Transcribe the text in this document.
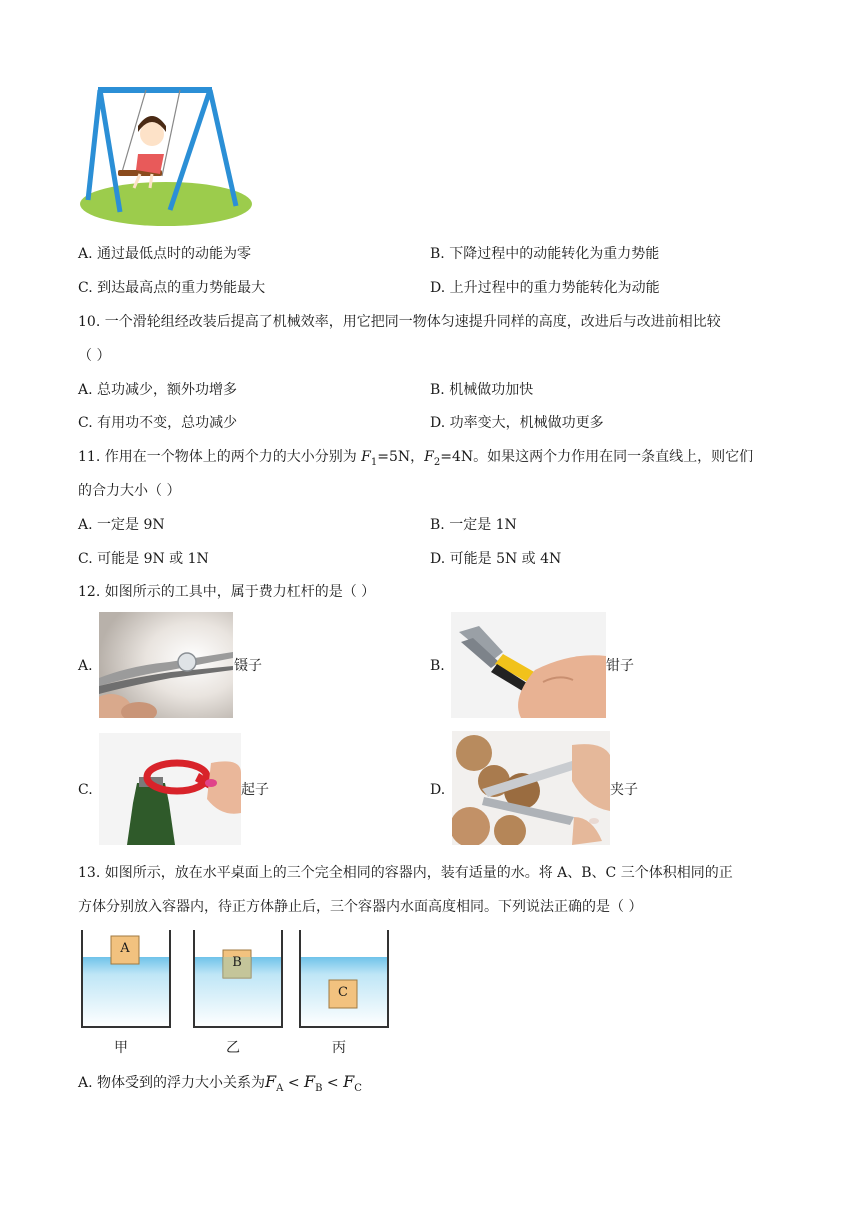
A. 通过最低点时的动能为零	B. 下降过程中的动能转化为重力势能
C. 到达最高点的重力势能最大	D. 上升过程中的重力势能转化为动能
10. 一个滑轮组经改装后提高了机械效率，用它把同一物体匀速提升同样的高度，改进后与改进前相比较
（ ）
A. 总功减少，额外功增多	B. 机械做功加快
C. 有用功不变，总功减少	D. 功率变大，机械做功更多
11. 作用在一个物体上的两个力的大小分别为 $F_1=5N$，$F_2=4N$。如果这两个力作用在同一条直线上，则它们
的合力大小（ ）
A. 一定是 9N	B. 一定是 1N
C. 可能是 9N 或 1N	D. 可能是 5N 或 4N
12. 如图所示的工具中，属于费力杠杆的是（ ）
A.	镊子	B.	钳子
C.	起子	D.	夹子
13. 如图所示，放在水平桌面上的三个完全相同的容器内，装有适量的水。将 A、B、C 三个体积相同的正
方体分别放入容器内，待正方体静止后，三个容器内水面高度相同。下列说法正确的是（ ）
A
B
C
甲	乙	丙
A. 物体受到的浮力大小关系为$F_A < F_B < F_C$
